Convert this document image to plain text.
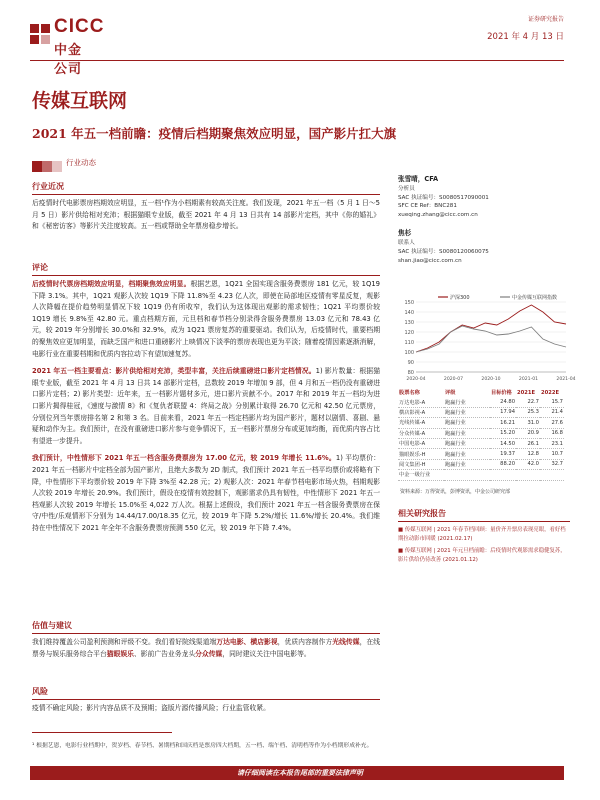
CICC
中金公司
证券研究报告
2021 年 4 月 13 日
传媒互联网
2021 年五一档前瞻：疫情后档期聚焦效应明显，国产影片扛大旗
行业动态
行业近况
后疫情时代电影票房档期效应明显，五一档¹作为小档期素有较高关注度。我们发现，2021 年五一档（5 月 1 日～5 月 5 日）影片供给相对充沛；根据猫眼专业版，截至 2021 年 4 月 13 日共有 14 部影片定档，其中《你的婚礼》和《秘密访客》等影片关注度较高。五一档或帮助全年票房稳步增长。
评论
后疫情时代票房档期效应明显，档期聚焦效应明显。根据艺恩，1Q21 全国实现含服务费票房 181 亿元，较 1Q19 下降 3.1%。其中，1Q21 观影人次较 1Q19 下降 11.8%至 4.23 亿人次，即使在局部地区疫情有零星反复，观影人次降幅在提价趋势明显情况下较 1Q19 仍有所收窄，我们认为这体现出观影的需求韧性；1Q21 平均票价较 1Q19 增长 9.8%至 42.80 元。重点档期方面，元旦档和春节档分别录得含服务费票房 13.03 亿元和 78.43 亿元，较 2019 年分别增长 30.0%和 32.9%，成为 1Q21 票房复苏的重要驱动。我们认为，后疫情时代，重要档期的聚焦效应更加明显，而缺乏国产和进口重磅影片上映情况下淡季的票房表现也更为平淡；随着疫情因素逐渐消解，电影行业在重要档期和优质内容拉动下有望加速复苏。
2021 年五一档主要看点：影片供给相对充沛，类型丰富，关注后续重磅进口影片定档情况。1) 影片数量：根据猫眼专业版，截至 2021 年 4 月 13 日共 14 部影片定档，总数较 2019 年增加 9 部，但 4 月和五一档仍没有重磅进口影片定档；2) 影片类型：近年来，五一档影片题材多元，进口影片贡献不小。2017 年和 2019 年五一档均为进口影片揭得桂冠，《速度与激情 8》和《复仇者联盟 4：终局之战》分别累计取得 26.70 亿元和 42.50 亿元票房，分别位列当年票房排名第 2 和第 3 名。目前来看，2021 年五一档定档影片均为国产影片，题材以剧情、喜剧、悬疑和动作为主。我们预计，在没有重磅进口影片参与竞争情况下，五一档影片票房分布或更加均衡，而优质内容占比有望进一步提升。
我们预计，中性情形下 2021 年五一档含服务费票房为 17.00 亿元，较 2019 年增长 11.6%。1) 平均票价：2021 年五一档影片中定档全部为国产影片，且绝大多数为 2D 制式，我们预计 2021 年五一档平均票价或将略有下降，中性情形下平均票价较 2019 年下降 3%至 42.28 元；2) 观影人次：2021 年春节档电影市场火热，档期观影人次较 2019 年增长 20.9%。我们预计，假设在疫情有效控制下，观影需求仍具有韧性，中性情形下 2021 年五一档观影人次较 2019 年增长 15.0%至 4,022 万人次。根据上述假设，我们预计 2021 年五一档含服务费票房在保守/中性/乐观情形下分别为 14.44/17.00/18.35 亿元，较 2019 年下降 5.2%/增长 11.6%/增长 20.4%。我们维持在中性情况下 2021 年全年不含服务费票房预测 550 亿元，较 2019 年下降 7.4%。
估值与建议
我们维持覆盖公司盈利预测和评级不变。我们看好院线渠道端万达电影、横店影视，优质内容制作方光线传媒，在线票务与娱乐服务综合平台猫眼娱乐、影前广告业务龙头分众传媒，同时建议关注中国电影等。
风险
疫情不确定风险；影片内容品质不及预期；盗版片源传播风险；行业监管收紧。
张雪晴，CFA
分析员
SAC 执证编号：S0080517090001
SFC CE Ref：BNC281
xueqing.zhang@cicc.com.cn
焦杉
联系人
SAC 执证编号：S0080120060075
shan.jiao@cicc.com.cn
150
140
130
120
110
100
90
80
2020-04	2020-07	2020-10	2021-01	2021-04
沪深300	中金传媒互联网指数
股票名称	评级	目标价格	2021E	2022E
万达电影-A	跑赢行业	24.80	22.7	15.7
横店影视-A	跑赢行业	17.94	25.3	21.4
光线传媒-A	跑赢行业	16.21	31.0	27.6
分众传媒-A	跑赢行业	15.20	20.9	16.8
中国电影-A	跑赢行业	14.50	26.1	23.1
猫眼娱乐-H	跑赢行业	19.37	12.8	10.7
阅文集团-H	跑赢行业	88.20	42.0	32.7
中金一级行业				
资料来源：万得资讯，彭博资讯，中金公司研究部
相关研究报告
■ 传媒互联网 | 2021 年春节档回顾：量价齐升票房表现亮眼，看好档期拉动影市回暖 (2021.02.17)
■ 传媒互联网 | 2021 年元旦档前瞻：后疫情时代观影需求稳健复苏，影片供给仍待改善 (2021.01.12)
¹ 根据艺恩，电影行业档期中，贺岁档、春节档、暑期档和国庆档是票房四大档期，五一档、端午档、清明档等作为小档期形成补充。
请仔细阅读在本报告尾部的重要法律声明
